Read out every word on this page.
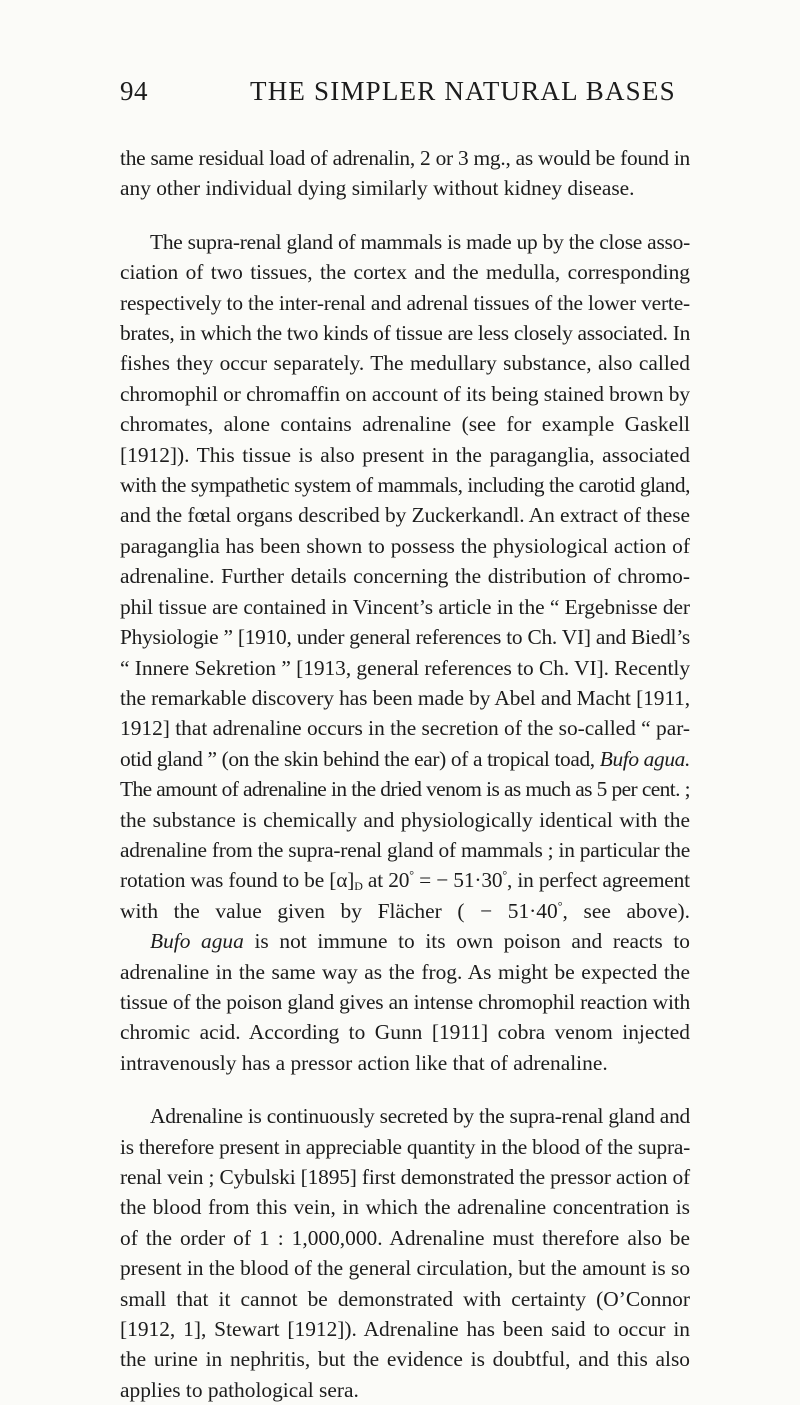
94	THE SIMPLER NATURAL BASES
the same residual load of adrenalin, 2 or 3 mg., as would be found in
any other individual dying similarly without kidney disease.
The supra-renal gland of mammals is made up by the close asso-
ciation of two tissues, the cortex and the medulla, corresponding
respectively to the inter-renal and adrenal tissues of the lower verte-
brates, in which the two kinds of tissue are less closely associated. In
fishes they occur separately. The medullary substance, also called
chromophil or chromaffin on account of its being stained brown by
chromates, alone contains adrenaline (see for example Gaskell
[1912]). This tissue is also present in the paraganglia, associated
with the sympathetic system of mammals, including the carotid gland,
and the fœtal organs described by Zuckerkandl. An extract of these
paraganglia has been shown to possess the physiological action of
adrenaline. Further details concerning the distribution of chromo-
phil tissue are contained in Vincent’s article in the “ Ergebnisse der
Physiologie ” [1910, under general references to Ch. VI] and Biedl’s
“ Innere Sekretion ” [1913, general references to Ch. VI]. Recently
the remarkable discovery has been made by Abel and Macht [1911,
1912] that adrenaline occurs in the secretion of the so-called “ par-
otid gland ” (on the skin behind the ear) of a tropical toad, Bufo agua.
The amount of adrenaline in the dried venom is as much as 5 per cent. ;
the substance is chemically and physiologically identical with the
adrenaline from the supra-renal gland of mammals ; in particular the
rotation was found to be $[\alpha]_D$ at 20° = − 51·30°, in perfect agreement
with the value given by Flächer ( − 51·40°, see above).
Bufo agua is not immune to its own poison and reacts to
adrenaline in the same way as the frog. As might be expected the
tissue of the poison gland gives an intense chromophil reaction with
chromic acid. According to Gunn [1911] cobra venom injected
intravenously has a pressor action like that of adrenaline.
Adrenaline is continuously secreted by the supra-renal gland and
is therefore present in appreciable quantity in the blood of the supra-
renal vein ; Cybulski [1895] first demonstrated the pressor action of
the blood from this vein, in which the adrenaline concentration is
of the order of 1 : 1,000,000. Adrenaline must therefore also be
present in the blood of the general circulation, but the amount is so
small that it cannot be demonstrated with certainty (O’Connor
[1912, 1], Stewart [1912]). Adrenaline has been said to occur in
the urine in nephritis, but the evidence is doubtful, and this also
applies to pathological sera.
